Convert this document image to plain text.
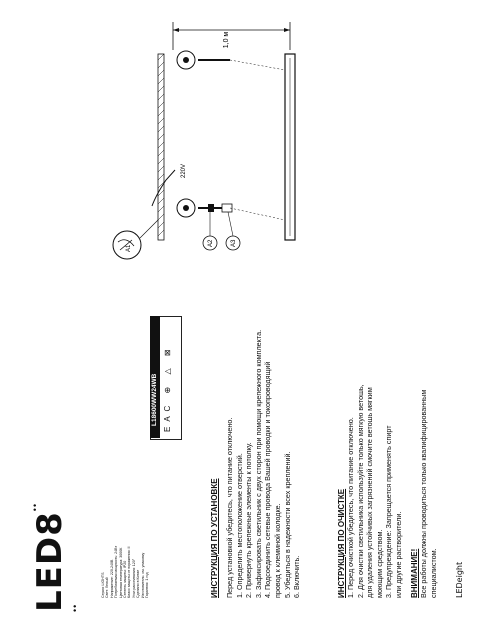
LED8••
••
Серия: LIGHTS Свет: белый Напряжение: 220-240В Потребляемая мощность: 24Вт Цветовая температура: 3000К Степень защиты: IP20 Класс защиты от поражения: II Угол рассеивания: 120° Сделано в Китае Изготовитель: см. упаковку Гарантия: 1 год
L18600WW24WB ЕАС ⊕ △ ⊠
ИНСТРУКЦИЯ ПО УСТАНОВКЕ Перед установкой убедитесь, что питание отключено. 1. Определить местоположение отверстий. 2. Привернуть крепежные элементы к потолку. 3. Зафиксировать светильник с двух сторон при помощи крепежного комплекта. 4. Подсоединить сетевые провода Вашей проводки и токопроводящий провод к клеммной колодке. 5. Убедиться в надежности всех креплений. 6. Включить.	ИНСТРУКЦИЯ ПО ОЧИСТКЕ 1. Перед очисткой убедитесь, что питание отключено. 2. Для очистки светильника используйте только мягкую ветошь, для удаления устойчивых загрязнений смочите ветошь мягким моющим средством. 3. Предупреждение: Запрещается применять спирт или другие растворители. ВНИМАНИЕ! Все работы должны проводиться только квалифицированным специалистом. LEDeight
1,0 м
220V
A1
A2	A3
